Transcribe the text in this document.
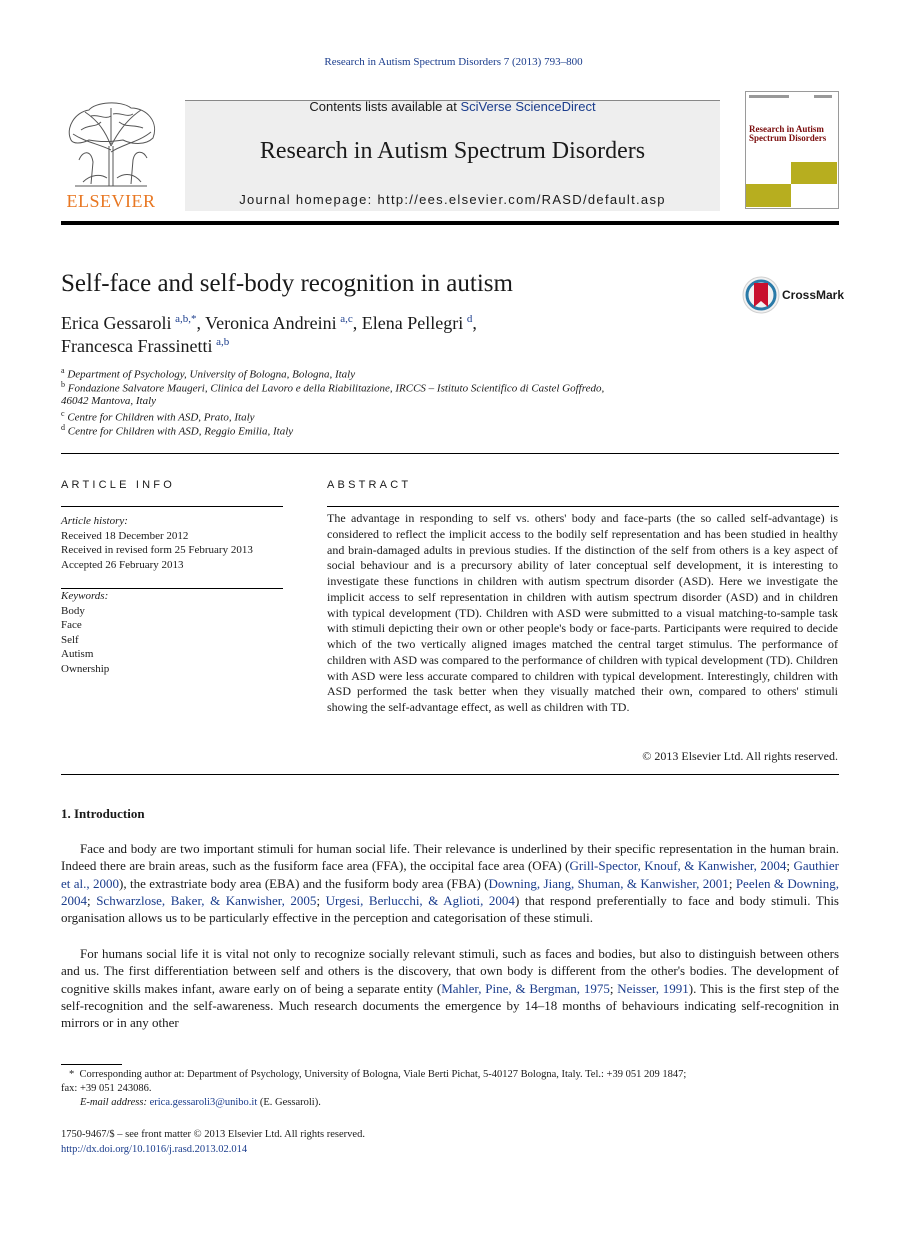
Research in Autism Spectrum Disorders 7 (2013) 793–800
ELSEVIER
Contents lists available at SciVerse ScienceDirect
Research in Autism Spectrum Disorders
Journal homepage: http://ees.elsevier.com/RASD/default.asp
Research in Autism Spectrum Disorders
Self-face and self-body recognition in autism	CrossMark
Erica Gessaroli  $^{a,b,*}$, Veronica Andreini  $^{a,c}$, Elena Pellegri  $^d$,
Francesca Frassinetti  $^{a,b}$
$^a$ Department of Psychology, University of Bologna, Bologna, Italy
$^b$ Fondazione Salvatore Maugeri, Clinica del Lavoro e della Riabilitazione, IRCCS – Istituto Scientifico di Castel Goffredo,
46042 Mantova, Italy
$^c$ Centre for Children with ASD, Prato, Italy
$^d$ Centre for Children with ASD, Reggio Emilia, Italy
ARTICLE INFO
Article history:
Received 18 December 2012
Received in revised form 25 February 2013
Accepted 26 February 2013
Keywords:
Body
Face
Self
Autism
Ownership
ABSTRACT
The advantage in responding to self vs. others' body and face-parts (the so called self-advantage) is considered to reflect the implicit access to the bodily self representation and has been studied in healthy and brain-damaged adults in previous studies. If the distinction of the self from others is a key aspect of social behaviour and is a precursory ability of later conceptual self development, it is interesting to investigate these functions in children with autism spectrum disorder (ASD). Here we investigate the implicit access to self representation in children with autism spectrum disorder (ASD) and in children with typical development (TD). Children with ASD were submitted to a visual matching-to-sample task with stimuli depicting their own or other people's body or face-parts. Participants were required to decide which of the two vertically aligned images matched the central target stimulus. The performance of children with ASD was compared to the performance of children with typical development (TD). Children with ASD were less accurate compared to children with typical development. Interestingly, children with ASD performed the task better when they visually matched their own, compared to others' stimuli showing the self-advantage effect, as well as children with TD.
© 2013 Elsevier Ltd. All rights reserved.
1. Introduction
Face and body are two important stimuli for human social life. Their relevance is underlined by their specific representation in the human brain. Indeed there are brain areas, such as the fusiform face area (FFA), the occipital face area (OFA) (Grill-Spector, Knouf, & Kanwisher, 2004; Gauthier et al., 2000), the extrastriate body area (EBA) and the fusiform body area (FBA) (Downing, Jiang, Shuman, & Kanwisher, 2001; Peelen & Downing, 2004; Schwarzlose, Baker, & Kanwisher, 2005; Urgesi, Berlucchi, & Aglioti, 2004) that respond preferentially to face and body stimuli. This organisation allows us to be particularly effective in the perception and categorisation of these stimuli.
For humans social life it is vital not only to recognize socially relevant stimuli, such as faces and bodies, but also to distinguish between others and us. The first differentiation between self and others is the discovery, that own body is different from the other's bodies. The development of cognitive skills makes infant, aware early on of being a separate entity (Mahler, Pine, & Bergman, 1975; Neisser, 1991). This is the first step of the self-recognition and the self-awareness. Much research documents the emergence by 14–18 months of behaviours indicating self-recognition in mirrors or in any other
* Corresponding author at: Department of Psychology, University of Bologna, Viale Berti Pichat, 5-40127 Bologna, Italy. Tel.: +39 051 209 1847;
fax: +39 051 243086.
E-mail address: erica.gessaroli3@unibo.it (E. Gessaroli).
1750-9467/$ – see front matter © 2013 Elsevier Ltd. All rights reserved.
http://dx.doi.org/10.1016/j.rasd.2013.02.014
